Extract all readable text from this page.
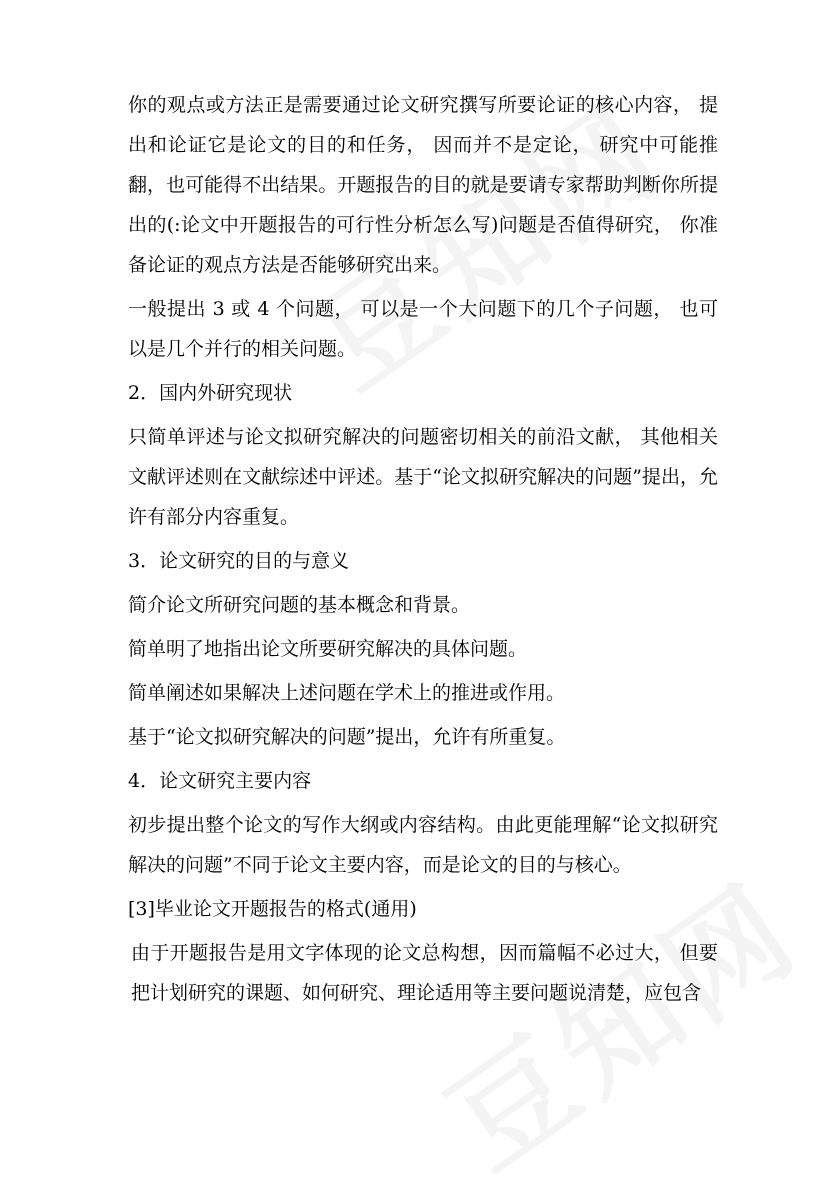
你的观点或方法正是需要通过论文研究撰写所要论证的核心内容， 提出和论证它是论文的目的和任务， 因而并不是定论， 研究中可能推翻，也可能得不出结果。开题报告的目的就是要请专家帮助判断你所提出的(:论文中开题报告的可行性分析怎么写)问题是否值得研究， 你准备论证的观点方法是否能够研究出来。

一般提出 3 或 4 个问题， 可以是一个大问题下的几个子问题， 也可以是几个并行的相关问题。

2．国内外研究现状

只简单评述与论文拟研究解决的问题密切相关的前沿文献， 其他相关文献评述则在文献综述中评述。基于“论文拟研究解决的问题”提出，允许有部分内容重复。

3．论文研究的目的与意义

简介论文所研究问题的基本概念和背景。

简单明了地指出论文所要研究解决的具体问题。

简单阐述如果解决上述问题在学术上的推进或作用。

基于“论文拟研究解决的问题”提出，允许有所重复。

4．论文研究主要内容

初步提出整个论文的写作大纲或内容结构。由此更能理解“论文拟研究解决的问题”不同于论文主要内容，而是论文的目的与核心。

[3]毕业论文开题报告的格式(通用)

由于开题报告是用文字体现的论文总构想，因而篇幅不必过大， 但要把计划研究的课题、如何研究、理论适用等主要问题说清楚，应包含
